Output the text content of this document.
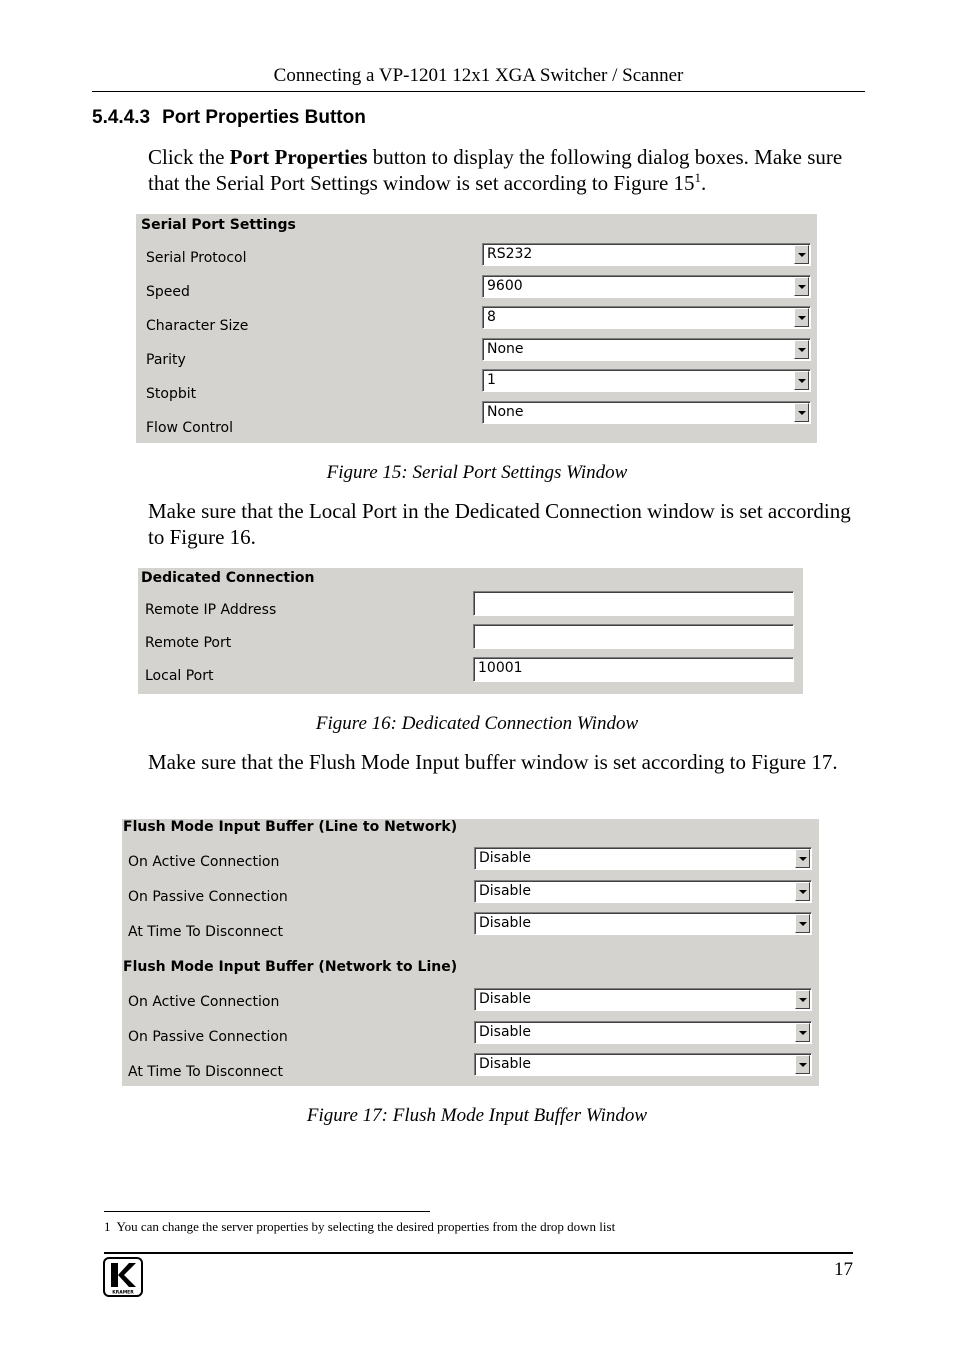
Connecting a VP-1201 12x1 XGA Switcher / Scanner
5.4.4.3 Port Properties Button
Click the Port Properties button to display the following dialog boxes. Make sure that the Serial Port Settings window is set according to Figure $15^1$.
Serial Port Settings
Serial Protocol
Speed
Character Size
Parity
Stopbit
Flow Control
RS232
9600
8
None
1
None
Figure 15: Serial Port Settings Window
Make sure that the Local Port in the Dedicated Connection window is set according to Figure 16.
Dedicated Connection
Remote IP Address
Remote Port
Local Port	10001
Figure 16: Dedicated Connection Window
Make sure that the Flush Mode Input buffer window is set according to Figure 17.
Flush Mode Input Buffer (Line to Network)
On Active Connection
On Passive Connection
At Time To Disconnect
Disable
Disable
Disable
Flush Mode Input Buffer (Network to Line)
On Active Connection
On Passive Connection
At Time To Disconnect
Disable
Disable
Disable
Figure 17: Flush Mode Input Buffer Window
1 You can change the server properties by selecting the desired properties from the drop down list
KRAMER
17
